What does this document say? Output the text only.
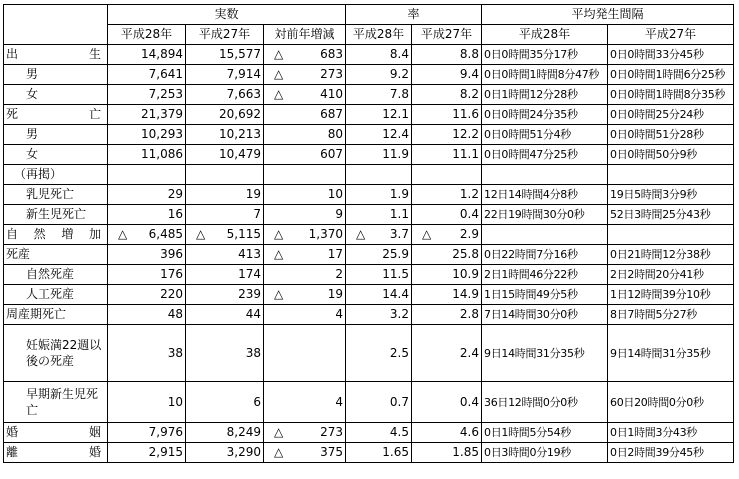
	実数			率		平均発生間隔	
	平成28年	平成27年	対前年増減	平成28年	平成27年	平成28年	平成27年
出　　　　生	14,894	15,577	△ 683	8.4	8.8	0日0時間35分17秒	0日0時間33分45秒
男	7,641	7,914	△ 273	9.2	9.4	0日0時間1時間8分47秒	0日0時間1時間6分25秒
女	7,253	7,663	△ 410	7.8	8.2	0日1時間12分28秒	0日0時間1時間8分35秒
死　　　　亡	21,379	20,692	687	12.1	11.6	0日0時間24分35秒	0日0時間25分24秒
男	10,293	10,213	80	12.4	12.2	0日0時間51分4秒	0日0時間51分28秒
女	11,086	10,479	607	11.9	11.1	0日0時間47分25秒	0日0時間50分9秒
（再掲）							
乳児死亡	29	19	10	1.9	1.2	12日14時間4分8秒	19日5時間3分9秒
新生児死亡	16	7	9	1.1	0.4	22日19時間30分0秒	52日3時間25分43秒
自　然　増　加	△ 6,485	△ 5,115	△ 1,370	△ 3.7	△ 2.9		

死産	396	413	△ 17	25.9	25.8	0日22時間7分16秒	0日21時間12分38秒
自然死産	176	174	2	11.5	10.9	2日1時間46分22秒	2日2時間20分41秒
人工死産	220	239	△ 19	14.4	14.9	1日15時間49分5秒	1日12時間39分10秒
周産期死亡	48	44	4	3.2	2.8	7日14時間30分0秒	8日7時間5分27秒
妊娠満22週以後の死産	38	38		2.5	2.4	9日14時間31分35秒	9日14時間31分35秒
早期新生児死亡	10	6	4	0.7	0.4	36日12時間0分0秒	60日20時間0分0秒
婚　　　　姻	7,976	8,249	△ 273	4.5	4.6	0日1時間5分54秒	0日1時間3分43秒
離　　　　婚	2,915	3,290	△ 375	1.65	1.85	0日3時間0分19秒	0日2時間39分45秒
